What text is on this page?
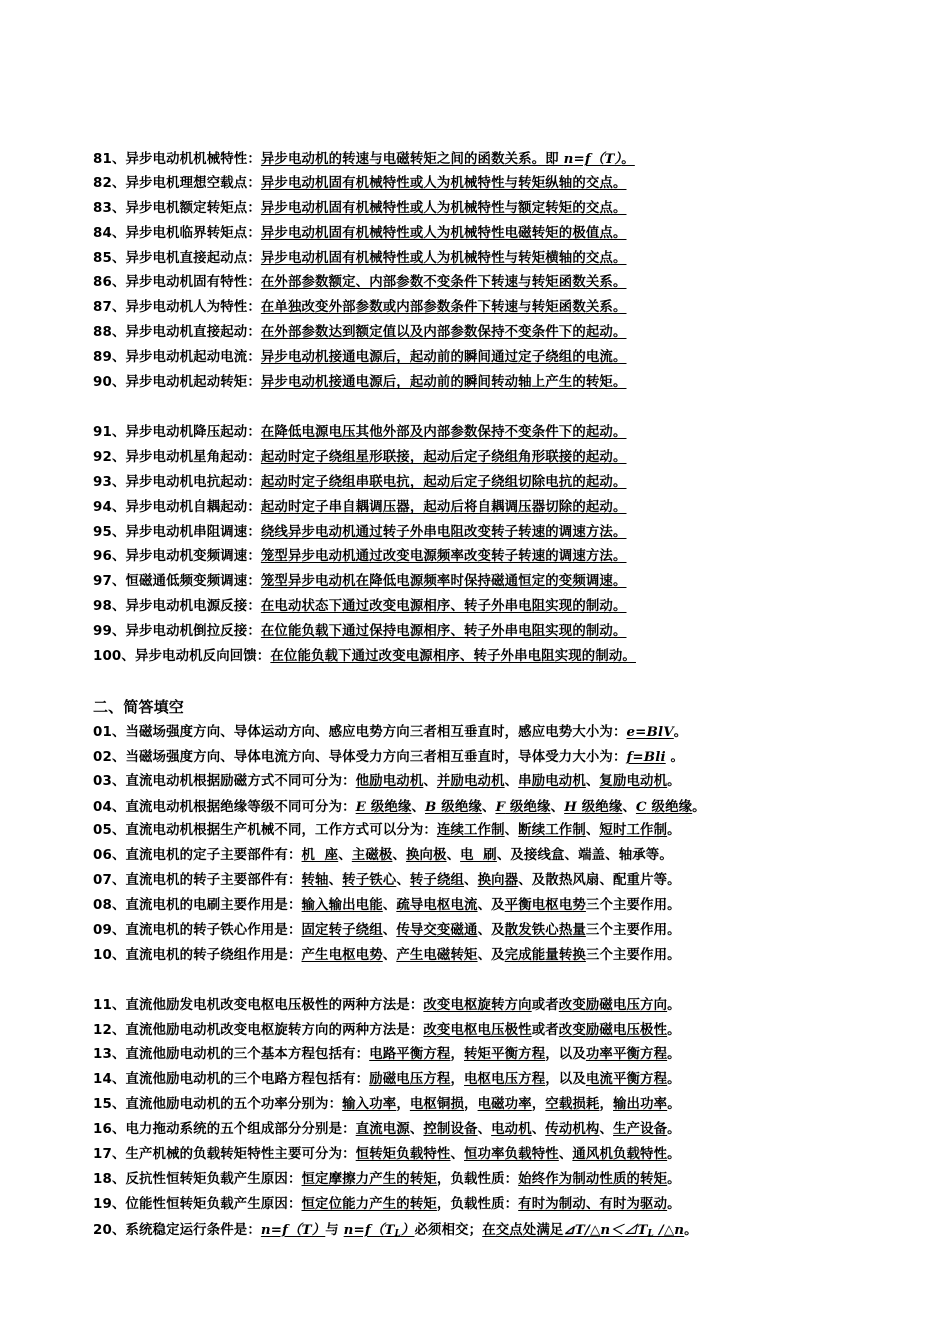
81、异步电动机机械特性：异步电动机的转速与电磁转矩之间的函数关系。即 n=f（T）。
82、异步电机理想空载点：异步电动机固有机械特性或人为机械特性与转矩纵轴的交点。
83、异步电机额定转矩点：异步电动机固有机械特性或人为机械特性与额定转矩的交点。
84、异步电机临界转矩点：异步电动机固有机械特性或人为机械特性电磁转矩的极值点。
85、异步电机直接起动点：异步电动机固有机械特性或人为机械特性与转矩横轴的交点。
86、异步电动机固有特性：在外部参数额定、内部参数不变条件下转速与转矩函数关系。
87、异步电动机人为特性：在单独改变外部参数或内部参数条件下转速与转矩函数关系。
88、异步电动机直接起动：在外部参数达到额定值以及内部参数保持不变条件下的起动。
89、异步电动机起动电流：异步电动机接通电源后，起动前的瞬间通过定子绕组的电流。
90、异步电动机起动转矩：异步电动机接通电源后，起动前的瞬间转动轴上产生的转矩。
91、异步电动机降压起动：在降低电源电压其他外部及内部参数保持不变条件下的起动。
92、异步电动机星角起动：起动时定子绕组星形联接，起动后定子绕组角形联接的起动。
93、异步电动机电抗起动：起动时定子绕组串联电抗，起动后定子绕组切除电抗的起动。
94、异步电动机自耦起动：起动时定子串自耦调压器，起动后将自耦调压器切除的起动。
95、异步电动机串阻调速：绕线异步电动机通过转子外串电阻改变转子转速的调速方法。
96、异步电动机变频调速：笼型异步电动机通过改变电源频率改变转子转速的调速方法。
97、恒磁通低频变频调速：笼型异步电动机在降低电源频率时保持磁通恒定的变频调速。
98、异步电动机电源反接：在电动状态下通过改变电源相序、转子外串电阻实现的制动。
99、异步电动机倒拉反接：在位能负载下通过保持电源相序、转子外串电阻实现的制动。
100、异步电动机反向回馈：在位能负载下通过改变电源相序、转子外串电阻实现的制动。
二、简答填空
01、当磁场强度方向、导体运动方向、感应电势方向三者相互垂直时，感应电势大小为：e=BlV。
02、当磁场强度方向、导体电流方向、导体受力方向三者相互垂直时，导体受力大小为：f=Bli 。
03、直流电动机根据励磁方式不同可分为：他励电动机、并励电动机、串励电动机、复励电动机。
04、直流电动机根据绝缘等级不同可分为：E 级绝缘、B 级绝缘、F 级绝缘、H 级绝缘、C 级绝缘。
05、直流电动机根据生产机械不同，工作方式可以分为：连续工作制、断续工作制、短时工作制。
06、直流电机的定子主要部件有：机  座、主磁极、换向极、电  刷、及接线盒、端盖、轴承等。
07、直流电机的转子主要部件有：转轴、转子铁心、转子绕组、换向器、及散热风扇、配重片等。
08、直流电机的电刷主要作用是：输入输出电能、疏导电枢电流、及平衡电枢电势三个主要作用。
09、直流电机的转子铁心作用是：固定转子绕组、传导交变磁通、及散发铁心热量三个主要作用。
10、直流电机的转子绕组作用是：产生电枢电势、产生电磁转矩、及完成能量转换三个主要作用。
11、直流他励发电机改变电枢电压极性的两种方法是：改变电枢旋转方向或者改变励磁电压方向。
12、直流他励电动机改变电枢旋转方向的两种方法是：改变电枢电压极性或者改变励磁电压极性。
13、直流他励电动机的三个基本方程包括有：电路平衡方程，转矩平衡方程，以及功率平衡方程。
14、直流他励电动机的三个电路方程包括有：励磁电压方程，电枢电压方程，以及电流平衡方程。
15、直流他励电动机的五个功率分别为：输入功率，电枢铜损，电磁功率，空载损耗，输出功率。
16、电力拖动系统的五个组成部分分别是：直流电源、控制设备、电动机、传动机构、生产设备。
17、生产机械的负载转矩特性主要可分为：恒转矩负载特性、恒功率负载特性、通风机负载特性。
18、反抗性恒转矩负载产生原因：恒定摩擦力产生的转矩，负载性质：始终作为制动性质的转矩。
19、位能性恒转矩负载产生原因：恒定位能力产生的转矩，负载性质：有时为制动、有时为驱动。
20、系统稳定运行条件是：n=f（T）与 $n=f(T_L)$必须相交；在交点处满足$⊿T/\triangle n<⊿T_L$ /△n。
